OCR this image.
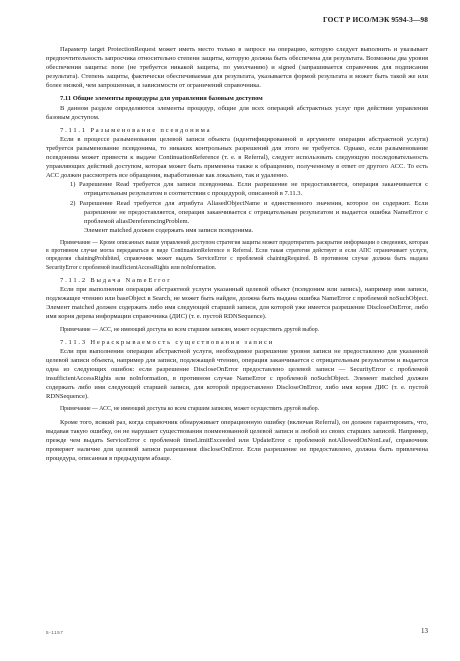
ГОСТ Р ИСО/МЭК 9594-3—98

Параметр target ProtectionRequest может иметь место только в запросе на операцию, которую следует выполнить и указывает предпочтительность запросчика относительно степени защиты, которую должна быть обеспечена для результата. Возможны два уровня обеспечения защиты: none (не требуется никакой защиты, по умолчанию) и signed (запрашивается справочник для подписания результата). Степень защиты, фактически обеспечиваемая для результата, указывается формой результата и может быть такой же или более низкой, чем запрошенная, в зависимости от ограничений справочника.

7.11 Общие элементы процедуры для управления базовым доступом

В данном разделе определяются элементы процедур, общие для всех операций абстрактных услуг при действии управления базовым доступом.

7.11.1 Разыменование псевдонима

Если в процессе разыменования целевой записи объекта (идентифицированной в аргументе операции абстрактной услуги) требуется разыменование псевдонима, то никаких контрольных разрешений для этого не требуется. Однако, если разыменование псевдонима может привести к выдаче ContinuationReference (т. е. в Referral), следует использовать следующую последовательность управляющих действий доступом, которая может быть применена также к обращению, полученному в ответ от другого АСС. То есть АСС должен рассмотреть все обращения, выработанные как локально, так и удаленно.

1) Разрешение Read требуется для записи псевдонима. Если разрешение не предоставляется, операция заканчивается с отрицательным результатом в соответствии с процедурой, описанной в 7.11.3.

2) Разрешение Read требуется для атрибута AliasedObjectName и единственного значения, которое он содержит. Если разрешение не предоставляется, операция заканчивается с отрицательным результатом и выдается ошибка NameError с проблемой aliasDereferencingProblem.

Элемент matched должен содержать имя записи псевдонима.

Примечание — Кроме описанных выше управлений доступом стратегия защиты может предотвратить раскрытие информации о сведениях, которая в противном случае могла передаваться в виде ContinuationReference в Referral. Если такая стратегия действует и если АПС ограничивает услуги, определяя chainingProhibited, справочник может выдать ServiceError с проблемой chainingRequired. В противном случае должна быть выдана SecurityError с проблемой insufficientAccessRights или noInformation.

7.11.2 Выдача NameError

Если при выполнении операции абстрактной услуги указанный целевой объект (псевдоним или запись), например имя записи, подлежащее чтению или baseObject в Search, не может быть найден, должна быть выдана ошибка NameError с проблемой noSuchObject. Элемент matched должен содержать либо имя следующей старшей записи, для которой уже имеется разрешение DiscloseOnError, либо имя корня дерева информации справочника (ДИС) (т. е. пустой RDNSequence).

Примечание — АСС, не имеющий доступа ко всем старшим записям, может осуществить другой выбор.

7.11.3 Нераскрываемость существования записи

Если при выполнении операции абстрактной услуги, необходимое разрешение уровня записи не предоставлено для указанной целевой записи объекта, например для записи, подлежащей чтению, операция заканчивается с отрицательным результатом и выдается одна из следующих ошибок: если разрешение DiscloseOnError предоставлено целевой записи — SecurityError с проблемой insufficientAccessRights или noInformation, в противном случае NameError с проблемой noSuchObject. Элемент matched должен содержать либо имя следующей старшей записи, для которой предоставлено DiscloseOnError, либо имя корня ДИС (т. е. пустой RDNSequence).

Примечание — АСС, не имеющий доступа ко всем старшим записям, может осуществить другой выбор.

Кроме того, всякий раз, когда справочник обнаруживает операционную ошибку (включая Referral), он должен гарантировать, что, выдавая такую ошибку, он не нарушает существования поименованной целевой записи и любой из своих старших записей. Например, прежде чем выдать ServiceError с проблемой timeLimitExceeded или UpdateError с проблемой notAllowedOnNonLeaf, справочник проверяет наличие для целевой записи разрешения discloseOnError. Если разрешение не предоставлено, должна быть привлечена процедура, описанная в предыдущем абзаце.

5-1157	13
